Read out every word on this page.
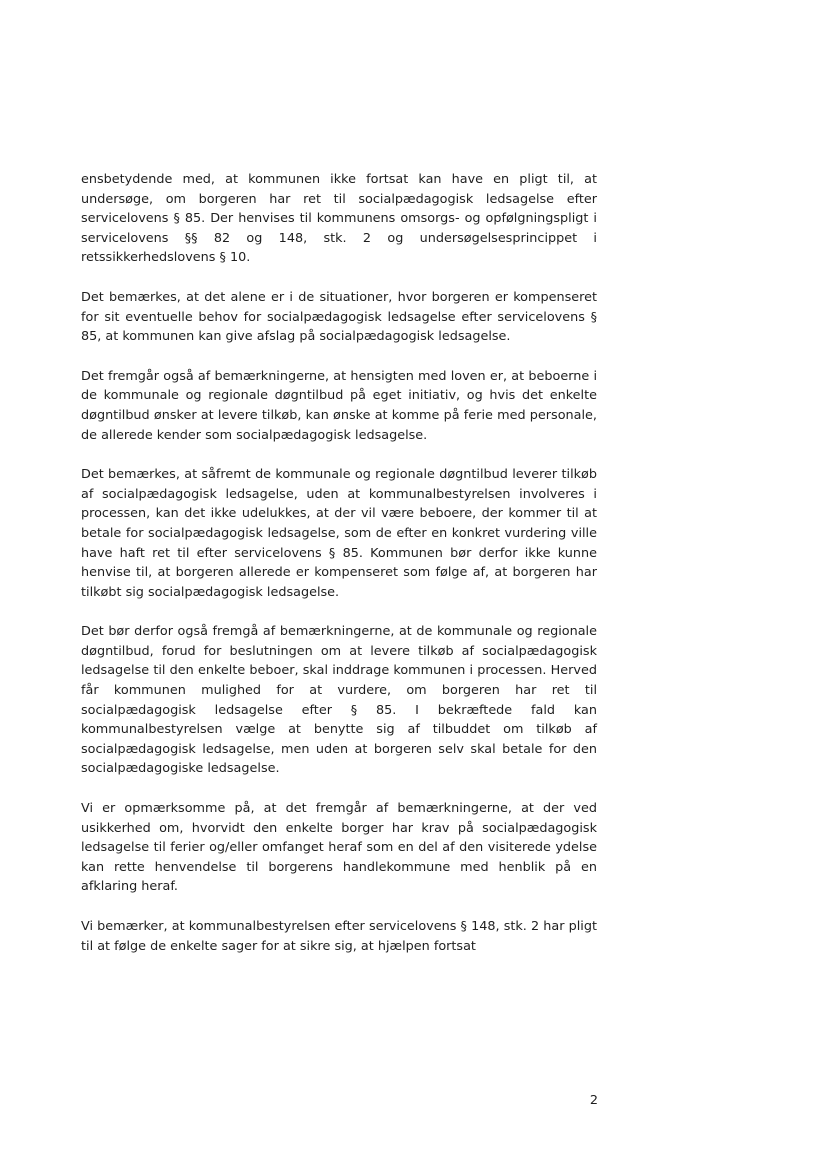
ensbetydende med, at kommunen ikke fortsat kan have en pligt til, at undersøge, om borgeren har ret til socialpædagogisk ledsagelse efter servicelovens § 85. Der henvises til kommunens omsorgs- og opfølgningspligt i servicelovens §§ 82 og 148, stk. 2 og undersøgelsesprincippet i retssikkerhedslovens § 10.

Det bemærkes, at det alene er i de situationer, hvor borgeren er kompenseret for sit eventuelle behov for socialpædagogisk ledsagelse efter servicelovens § 85, at kommunen kan give afslag på socialpædagogisk ledsagelse.

Det fremgår også af bemærkningerne, at hensigten med loven er, at beboerne i de kommunale og regionale døgntilbud på eget initiativ, og hvis det enkelte døgntilbud ønsker at levere tilkøb, kan ønske at komme på ferie med personale, de allerede kender som socialpædagogisk ledsagelse.

Det bemærkes, at såfremt de kommunale og regionale døgntilbud leverer tilkøb af socialpædagogisk ledsagelse, uden at kommunalbestyrelsen involveres i processen, kan det ikke udelukkes, at der vil være beboere, der kommer til at betale for socialpædagogisk ledsagelse, som de efter en konkret vurdering ville have haft ret til efter servicelovens § 85. Kommunen bør derfor ikke kunne henvise til, at borgeren allerede er kompenseret som følge af, at borgeren har tilkøbt sig socialpædagogisk ledsagelse.

Det bør derfor også fremgå af bemærkningerne, at de kommunale og regionale døgntilbud, forud for beslutningen om at levere tilkøb af socialpædagogisk ledsagelse til den enkelte beboer, skal inddrage kommunen i processen. Herved får kommunen mulighed for at vurdere, om borgeren har ret til socialpædagogisk ledsagelse efter § 85. I bekræftede fald kan kommunalbestyrelsen vælge at benytte sig af tilbuddet om tilkøb af socialpædagogisk ledsagelse, men uden at borgeren selv skal betale for den socialpædagogiske ledsagelse.

Vi er opmærksomme på, at det fremgår af bemærkningerne, at der ved usikkerhed om, hvorvidt den enkelte borger har krav på socialpædagogisk ledsagelse til ferier og/eller omfanget heraf som en del af den visiterede ydelse kan rette henvendelse til borgerens handlekommune med henblik på en afklaring heraf.

Vi bemærker, at kommunalbestyrelsen efter servicelovens § 148, stk. 2 har pligt til at følge de enkelte sager for at sikre sig, at hjælpen fortsat

2
